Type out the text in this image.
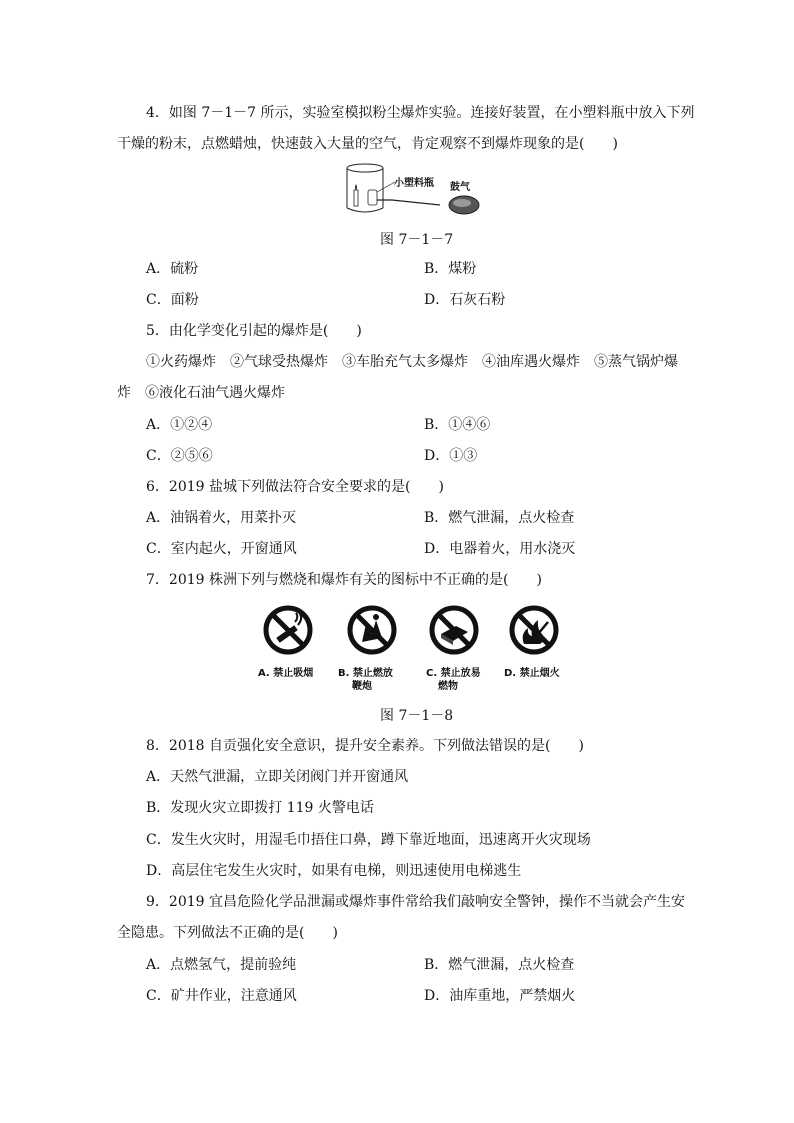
4．如图 7－1－7 所示，实验室模拟粉尘爆炸实验。连接好装置，在小塑料瓶中放入下列
干燥的粉末，点燃蜡烛，快速鼓入大量的空气，肯定观察不到爆炸现象的是(　　)
小塑料瓶 鼓气
图 7－1－7
A．硫粉	B．煤粉
C．面粉	D．石灰石粉
5．由化学变化引起的爆炸是(　　)
①火药爆炸　②气球受热爆炸　③车胎充气太多爆炸　④油库遇火爆炸　⑤蒸气锅炉爆
炸　⑥液化石油气遇火爆炸
A．①②④	B．①④⑥
C．②⑤⑥	D．①③
6．2019 盐城下列做法符合安全要求的是(　　)
A．油锅着火，用菜扑灭	B．燃气泄漏，点火检查
C．室内起火，开窗通风	D．电器着火，用水浇灭
7．2019 株洲下列与燃烧和爆炸有关的图标中不正确的是(　　)
A. 禁止吸烟	B. 禁止燃放
鞭炮
C. 禁止放易
燃物
D. 禁止烟火
图 7－1－8
8．2018 自贡强化安全意识，提升安全素养。下列做法错误的是(　　)
A．天然气泄漏，立即关闭阀门并开窗通风
B．发现火灾立即拨打 119 火警电话
C．发生火灾时，用湿毛巾捂住口鼻，蹲下靠近地面，迅速离开火灾现场
D．高层住宅发生火灾时，如果有电梯，则迅速使用电梯逃生
9．2019 宜昌危险化学品泄漏或爆炸事件常给我们敲响安全警钟，操作不当就会产生安
全隐患。下列做法不正确的是(　　)
A．点燃氢气，提前验纯	B．燃气泄漏，点火检查
C．矿井作业，注意通风	D．油库重地，严禁烟火
